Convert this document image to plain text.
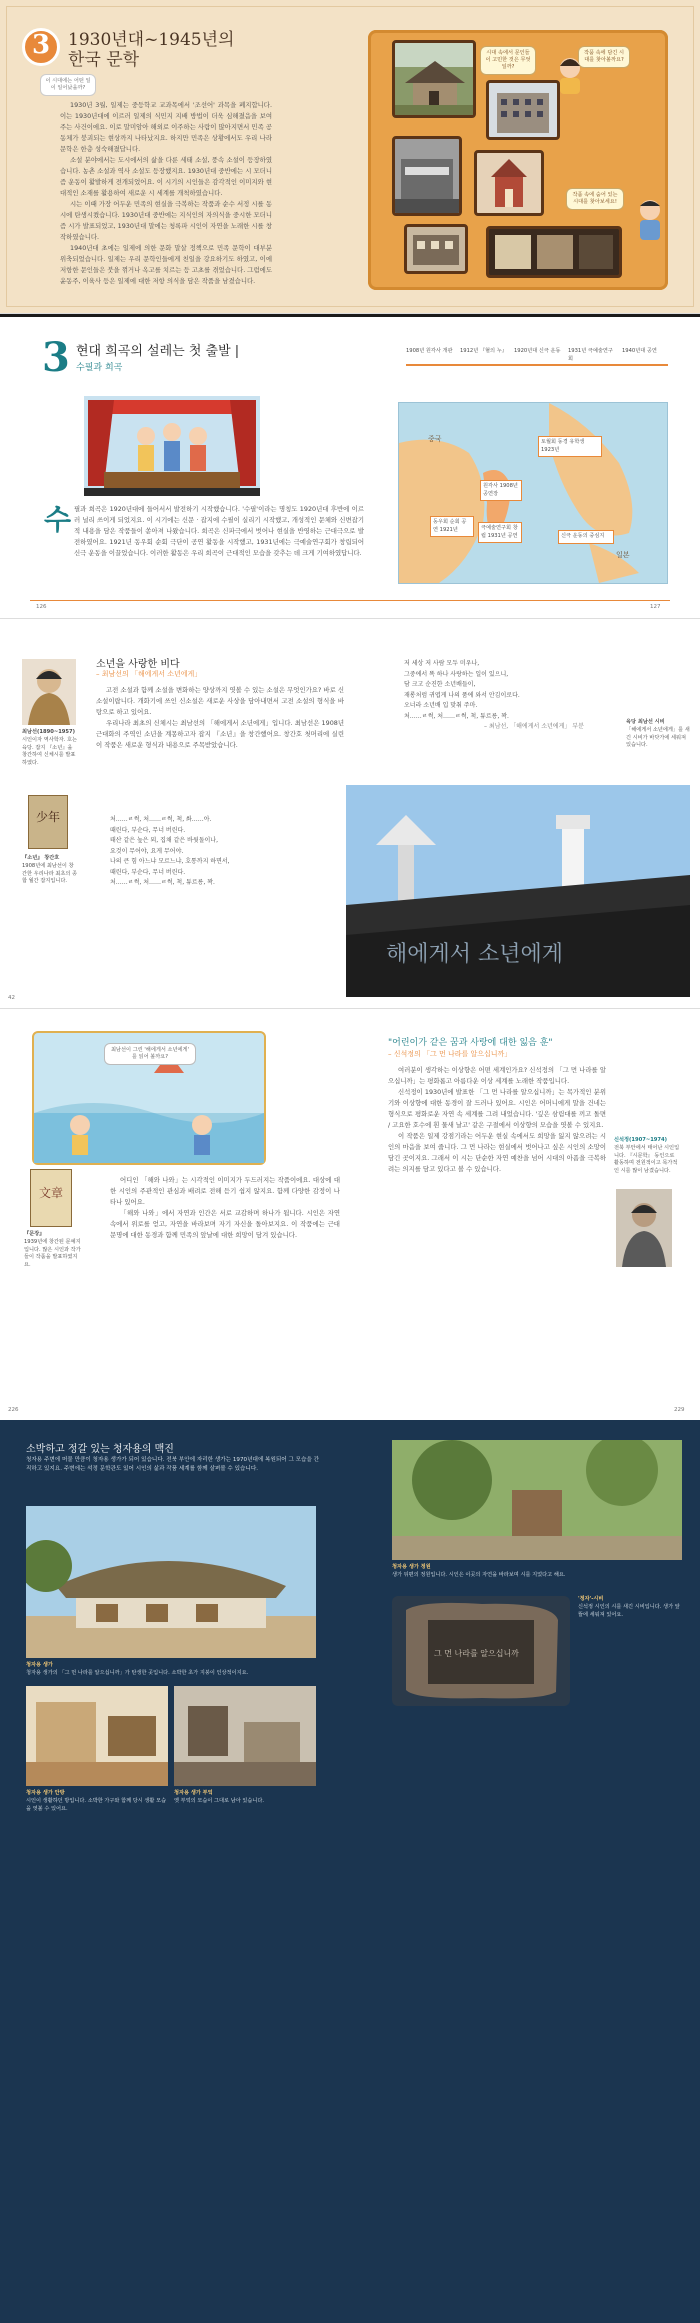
3	1930년대~1945년의
한국 문학
이 시대에는 어떤 일이 일어났을까?

1930년 3월, 일제는 중등학교 교과목에서 '조선어' 과목을 폐지합니다. 이는 1930년대에 이르러 일제의 식민지 지배 방법이 더욱 심해졌음을 보여 주는 사건이에요. 이로 말미암아 해외로 이주하는 사람이 많아지면서 민족 공동체가 붕괴되는 현상까지 나타났지요. 하지만 민족은 상황에서도 우리 나라 문학은 한층 성숙해졌답니다.

소설 분야에서는 도시에서의 삶을 다룬 세태 소설, 풍속 소설이 등장하였습니다. 농촌 소설과 역사 소설도 등장했지요. 1930년대 중반에는 시 모더니즘 운동이 활발하게 전개되었어요. 이 시기의 시인들은 감각적인 이미지와 현대적인 소재를 활용하여 새로운 시 세계를 개척하였습니다.

시는 이때 가장 어두운 민족의 현실을 극복하는 작품과 순수 서정 시를 동시에 탄생시켰습니다. 1930년대 중반에는 지식인의 자의식을 중시한 모더니즘 시가 발표되었고, 1930년대 말에는 청록파 시인이 자연을 노래한 시를 창작하였습니다.

1940년대 초에는 일제에 의한 문화 말살 정책으로 민족 문학이 대부분 위축되었습니다. 일제는 우리 문학인들에게 친일을 강요하기도 하였고, 이에 저항한 문인들은 붓을 꺾거나 옥고를 치르는 등 고초를 겪었습니다. 그럼에도 윤동주, 이육사 등은 일제에 대한 저항 의식을 담은 작품을 남겼습니다.

시대 속에서 문인들이 고민한 것은 무엇일까?
작품 속에 담긴 시대를 찾아볼까요?
작품 속에 숨어 있는 시대를 찾아보세요!
3 현대 희곡의 설레는 첫 출발 |
수필과 희곡
1908년 원각사 개관 1912년 『혈의 누』 1920년대 신극 운동 1931년 극예술연구회
1940년대 공연
수 필과 희곡은 1920년대에 들어서서 발전하기 시작했습니다. '수필'이라는 명칭도 1920년대 후반에 이르러 널리 쓰이게 되었지요. 이 시기에는 신문 · 잡지에 수필이 실리기 시작했고, 개성적인 문체와 신변잡기적 내용을 담은 작품들이 쏟아져 나왔습니다. 희곡은 신파극에서 벗어나 현실을 반영하는 근대극으로 발전하였어요. 1921년 동우회 순회 극단이 공연 활동을 시작했고, 1931년에는 극예술연구회가 창립되어 신극 운동을 이끌었습니다. 이러한 활동은 우리 희곡이 근대적인 모습을 갖추는 데 크게 기여하였답니다.
중국
일본
원각사 1908년 공연장
동우회 순회 공연 1921년	극예술연구회 창립 1931년 공연
토월회 동경 유학생 1923년
신극 운동의 중심지
126	127
최남선(1890~1957)
시인이자 역사학자. 호는 육당. 잡지 『소년』을 창간하여 신체시를 발표하였다.
少年
『소년』 창간호
1908년에 최남선이 창간한 우리나라 최초의 종합 월간 잡지입니다.
소년을 사랑한 비다
– 최남선의 「해에게서 소년에게」

고전 소설과 함께 소설을 변화하는 양상까지 엿볼 수 있는 소설은 무엇인가요? 바로 신소설이랍니다. 개화기에 쓰인 신소설은 새로운 사상을 담아내면서 고전 소설의 형식을 바탕으로 하고 있어요.

우리나라 최초의 신체시는 최남선의 「해에게서 소년에게」입니다. 최남선은 1908년 근대화의 주역인 소년을 계몽하고자 잡지 『소년』을 창간했어요. 창간호 첫머리에 실린 이 작품은 새로운 형식과 내용으로 주목받았습니다.

처……ㄹ썩, 처……ㄹ썩, 척, 쏴……아.
때린다, 부순다, 무너 버린다.
태산 같은 높은 뫼, 집채 같은 바윗돌이나,
요것이 무어야, 요게 무어야.
나의 큰 힘 아느냐 모르느냐, 호통까지 하면서,
때린다, 부순다, 무너 버린다.
처……ㄹ썩, 처……ㄹ썩, 척, 튜르릉, 꽉.
저 세상 저 사람 모두 미우나,
그중에서 똑 하나 사랑하는 일이 있으니,
담 크고 순진한 소년배들이,
재롱처럼 귀엽게 나의 품에 와서 안김이로다.
오너라 소년배 입 맞춰 주마.
처……ㄹ썩, 처……ㄹ썩, 척, 튜르릉, 꽉.
– 최남선, 「해에게서 소년에게」 부분
해에게서 소년에게
육당 최남선 시비
「해에게서 소년에게」를 새긴 시비가 바닷가에 세워져 있습니다.
42
최남선이 그린 '해에게서 소년에게' 를 읽어 볼까요?
文章
『문장』
1939년에 창간된 문예지입니다. 많은 시인과 작가들이 작품을 발표하였지요.

어디인 「해와 나와」는 시각적인 이미지가 두드러지는 작품이에요. 대상에 대한 시인의 주관적인 관심과 배려로 전해 듣기 쉽지 않지요. 함께 다양한 감정이 나타나 있어요.

「해와 나와」에서 자연과 인간은 서로 교감하며 하나가 됩니다. 시인은 자연 속에서 위로를 얻고, 자연을 바라보며 자기 자신을 돌아보지요. 이 작품에는 근대 문명에 대한 동경과 함께 민족의 앞날에 대한 희망이 담겨 있습니다.

"어린이가 같은 꿈과 사랑에 대한 잃음 훈"
– 신석정의 「그 먼 나라를 알으십니까」

여러분이 생각하는 이상향은 어떤 세계인가요? 신석정의 「그 먼 나라를 알으십니까」는 평화롭고 아름다운 이상 세계를 노래한 작품입니다.

신석정이 1930년에 발표한 「그 먼 나라를 알으십니까」는 목가적인 분위기와 이상향에 대한 동경이 잘 드러나 있어요. 시인은 어머니에게 말을 건네는 형식으로 평화로운 자연 속 세계를 그려 내었습니다. '깊은 삼림대를 끼고 돌면 / 고요한 호수에 흰 물새 날고' 같은 구절에서 이상향의 모습을 엿볼 수 있지요.

이 작품은 일제 강점기라는 어두운 현실 속에서도 희망을 잃지 않으려는 시인의 마음을 보여 줍니다. 그 먼 나라는 현실에서 벗어나고 싶은 시인의 소망이 담긴 곳이지요. 그래서 이 시는 단순한 자연 예찬을 넘어 시대의 아픔을 극복하려는 의지를 담고 있다고 볼 수 있습니다.

신석정(1907~1974)
전북 부안에서 태어난 시인입니다. 『시문학』 동인으로 활동하며 전원적이고 목가적인 시를 많이 남겼습니다.
226	229
소박하고 정갈 있는 청자용의 맥진
청자용 주변에 머물 만큼이 청자용 생가가 되어 있습니다. 전북 부안에 자리한 생가는 1970년대에 복원되어 그 모습을 간직하고 있지요. 주변에는 석정 문학관도 있어 시인의 삶과 작품 세계를 함께 살펴볼 수 있습니다.
청자용 생가
청자용 생가의 「그 먼 나라를 알으십니까」가 탄생한 곳입니다. 소박한 초가 지붕이 인상적이지요.
청자용 생가 안방
시인이 생활하던 방입니다. 소박한 가구와 함께 당시 생활 모습을 엿볼 수 있어요.
청자용 생가 부엌
옛 부엌의 모습이 그대로 남아 있습니다.
청자용 생가 정원
생가 뒤편의 정원입니다. 시인은 이곳의 자연을 바라보며 시를 지었다고 해요.
그 먼 나라를 알으십니까
'정자'-시비
신석정 시인의 시를 새긴 시비입니다. 생가 앞뜰에 세워져 있어요.
